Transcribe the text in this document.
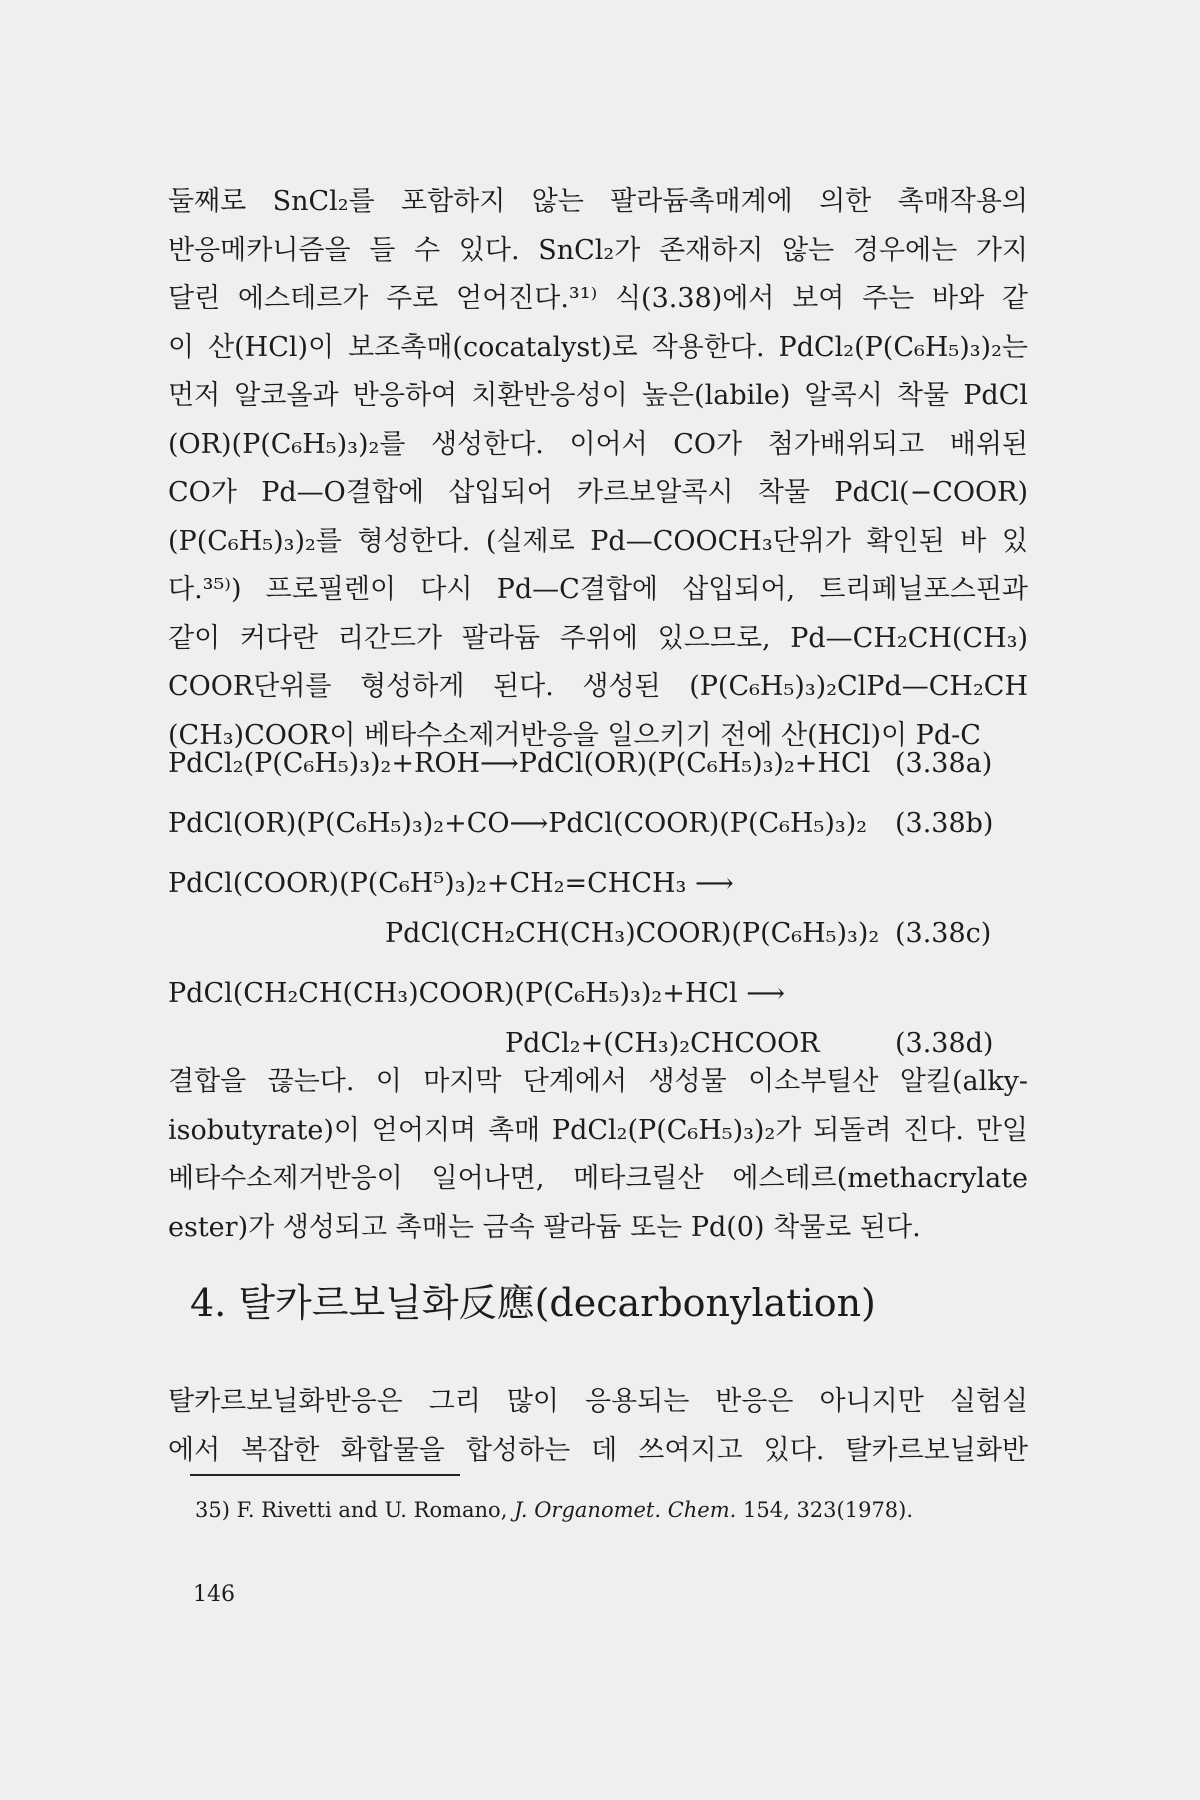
둘째로 SnCl₂를 포함하지 않는 팔라듐촉매계에 의한 촉매작용의
반응메카니즘을 들 수 있다. SnCl₂가 존재하지 않는 경우에는 가지
달린 에스테르가 주로 얻어진다.³¹⁾ 식(3.38)에서 보여 주는 바와 같
이 산(HCl)이 보조촉매(cocatalyst)로 작용한다. PdCl₂(P(C₆H₅)₃)₂는
먼저 알코올과 반응하여 치환반응성이 높은(labile) 알콕시 착물 PdCl
(OR)(P(C₆H₅)₃)₂를 생성한다. 이어서 CO가 첨가배위되고 배위된
CO가 Pd—O결합에 삽입되어 카르보알콕시 착물 PdCl(−COOR)
(P(C₆H₅)₃)₂를 형성한다. (실제로 Pd—COOCH₃단위가 확인된 바 있
다.³⁵⁾) 프로필렌이 다시 Pd—C결합에 삽입되어, 트리페닐포스핀과
같이 커다란 리간드가 팔라듐 주위에 있으므로, Pd—CH₂CH(CH₃)
COOR단위를 형성하게 된다. 생성된 (P(C₆H₅)₃)₂ClPd—CH₂CH
(CH₃)COOR이 베타수소제거반응을 일으키기 전에 산(HCl)이 Pd-C
PdCl₂(P(C₆H₅)₃)₂+ROH⟶PdCl(OR)(P(C₆H₅)₃)₂+HCl (3.38a)
PdCl(OR)(P(C₆H₅)₃)₂+CO⟶PdCl(COOR)(P(C₆H₅)₃)₂ (3.38b)
PdCl(COOR)(P(C₆H⁵)₃)₂+CH₂=CHCH₃ ⟶
PdCl(CH₂CH(CH₃)COOR)(P(C₆H₅)₃)₂ (3.38c)
PdCl(CH₂CH(CH₃)COOR)(P(C₆H₅)₃)₂+HCl ⟶
PdCl₂+(CH₃)₂CHCOOR	(3.38d)
결합을 끊는다. 이 마지막 단계에서 생성물 이소부틸산 알킬(alky-
isobutyrate)이 얻어지며 촉매 PdCl₂(P(C₆H₅)₃)₂가 되돌려 진다. 만일
베타수소제거반응이 일어나면, 메타크릴산 에스테르(methacrylate
ester)가 생성되고 촉매는 금속 팔라듐 또는 Pd(0) 착물로 된다.
4. 탈카르보닐화反應(decarbonylation)
탈카르보닐화반응은 그리 많이 응용되는 반응은 아니지만 실험실
에서 복잡한 화합물을 합성하는 데 쓰여지고 있다. 탈카르보닐화반
35) F. Rivetti and U. Romano, J. Organomet. Chem. 154, 323(1978).
146
